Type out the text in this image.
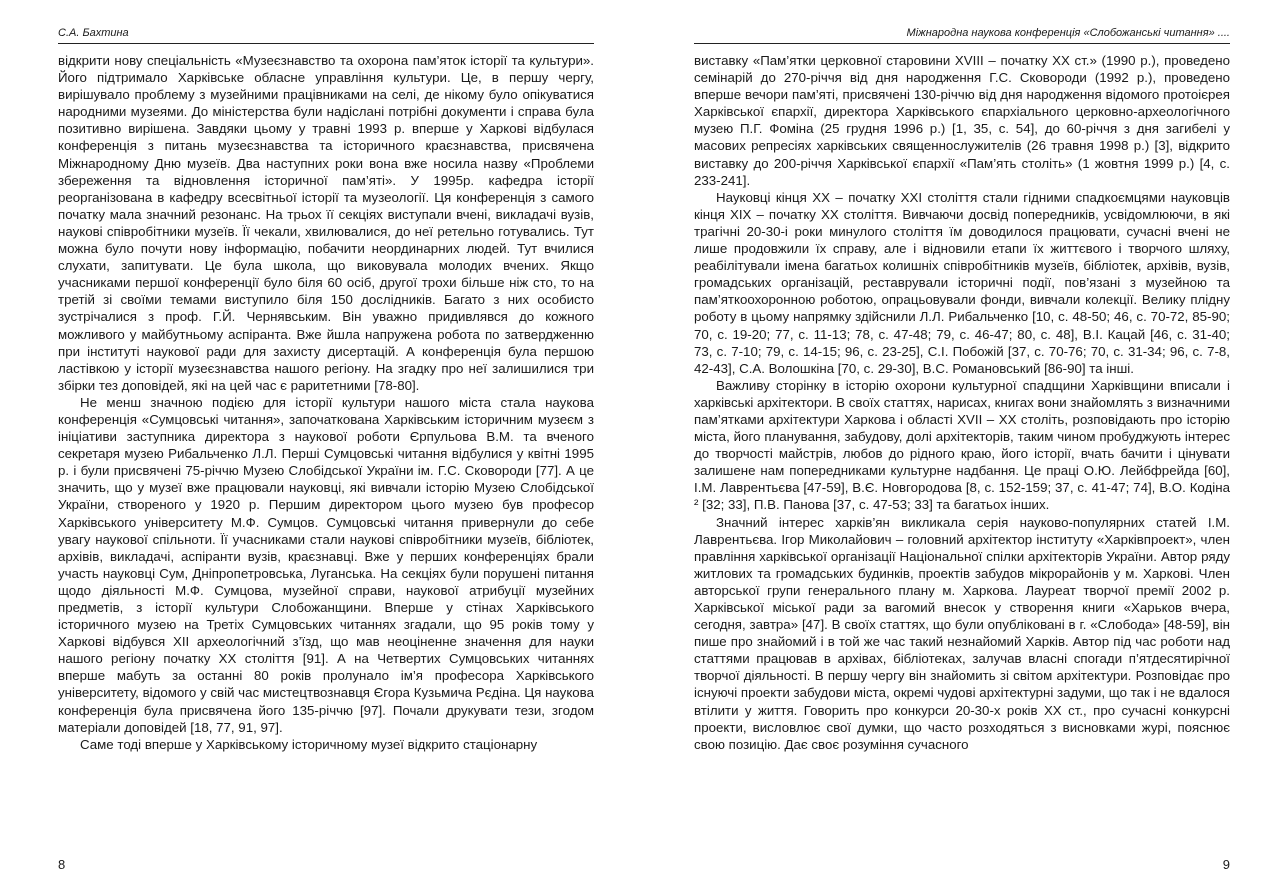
С.А. Бахтина

відкрити нову спеціальність «Музеєзнавство та охорона пам’яток історії та культури». Його підтримало Харківське обласне управління культури. Це, в першу чергу, вирішувало проблему з музейними працівниками на селі, де нікому було опікуватися народними музеями. До міністерства були надіслані потрібні документи і справа була позитивно вирішена. Завдяки цьому у травні 1993 р. вперше у Харкові відбулася конференція з питань музеєзнавства та історичного краєзнавства, присвячена Міжнародному Дню музеїв. Два наступних роки вона вже носила назву «Проблеми збереження та відновлення історичної пам’яті». У 1995р. кафедра історії реорганізована в кафедру всесвітньої історії та музеології. Ця конференція з самого початку мала значний резонанс. На трьох її секціях виступали вчені, викладачі вузів, наукові співробітники музеїв. Її чекали, хвилювалися, до неї ретельно готувались. Тут можна було почути нову інформацію, побачити неординарних людей. Тут вчилися слухати, запитувати. Це була школа, що виковувала молодих вчених. Якщо учасниками першої конференції було біля 60 осіб, другої трохи більше ніж сто, то на третій зі своїми темами виступило біля 150 дослідників. Багато з них особисто зустрічалися з проф. Г.Й. Чернявським. Він уважно придивлявся до кожного можливого у майбутньому аспіранта. Вже йшла напружена робота по затвердженню при інституті наукової ради для захисту дисертацій. А конференція була першою ластівкою у історії музеєзнавства нашого регіону. На згадку про неї залишилися три збірки тез доповідей, які на цей час є раритетними [78-80].

Не менш значною подією для історії культури нашого міста стала наукова конференція «Сумцовські читання», започаткована Харківським історичним музеєм з ініціативи заступника директора з наукової роботи Єрпульова В.М. та вченого секретаря музею Рибальченко Л.Л. Перші Сумцовські читання відбулися у квітні 1995 р. і були присвячені 75-річчю Музею Слобідської України ім. Г.С. Сковороди [77]. А це значить, що у музеї вже працювали науковці, які вивчали історію Музею Слобідської України, створеного у 1920 р. Першим директором цього музею був професор Харківського університету М.Ф. Сумцов. Сумцовські читання привернули до себе увагу наукової спільноти. Її учасниками стали наукові співробітники музеїв, бібліотек, архівів, викладачі, аспіранти вузів, краєзнавці. Вже у перших конференціях брали участь науковці Сум, Дніпропетровська, Луганська. На секціях були порушені питання щодо діяльності М.Ф. Сумцова, музейної справи, наукової атрибуції музейних предметів, з історії культури Слобожанщини. Вперше у стінах Харківського історичного музею на Третіх Сумцовських читаннях згадали, що 95 років тому у Харкові відбувся XII археологічний з’їзд, що мав неоціненне значення для науки нашого регіону початку XX століття [91]. А на Четвертих Сумцовських читаннях вперше мабуть за останні 80 років пролунало ім’я професора Харківського університету, відомого у свій час мистецтвознавця Єгора Кузьмича Рєдіна. Ця наукова конференція була присвячена його 135-річчю [97]. Почали друкувати тези, згодом матеріали доповідей [18, 77, 91, 97].

Саме тоді вперше у Харківському історичному музеї відкрито стаціонарну

8
Міжнародна наукова конференція «Слобожанські читання» ....

виставку «Пам’ятки церковної старовини XVIII – початку XX ст.» (1990 р.), проведено семінарій до 270-річчя від дня народження Г.С. Сковороди (1992 р.), проведено вперше вечори пам’яті, присвячені 130-річчю від дня народження відомого протоієрея Харківської єпархії, директора Харківського єпархіального церковно-археологічного музею П.Г. Фоміна (25 грудня 1996 р.) [1, 35, с. 54], до 60-річчя з дня загибелі у масових репресіях харківських священнослужителів (26 травня 1998 р.) [3], відкрито виставку до 200-річчя Харківської єпархії «Пам’ять століть» (1 жовтня 1999 р.) [4, с. 233-241].

Науковці кінця XX – початку XXI століття стали гідними спадкоємцями науковців кінця XIX – початку XX століття. Вивчаючи досвід попередників, усвідомлюючи, в які трагічні 20-30-і роки минулого століття їм доводилося працювати, сучасні вчені не лише продовжили їх справу, але і відновили етапи їх життєвого і творчого шляху, реабілітували імена багатьох колишніх співробітників музеїв, бібліотек, архівів, вузів, громадських організацій, реставрували історичні події, пов’язані з музейною та пам’яткоохоронною роботою, опрацьовували фонди, вивчали колекції. Велику плідну роботу в цьому напрямку здійснили Л.Л. Рибальченко [10, с. 48-50; 46, с. 70-72, 85-90; 70, с. 19-20; 77, с. 11-13; 78, с. 47-48; 79, с. 46-47; 80, с. 48], В.І. Кацай [46, с. 31-40; 73, с. 7-10; 79, с. 14-15; 96, с. 23-25], С.І. Побожій [37, с. 70-76; 70, с. 31-34; 96, с. 7-8, 42-43], С.А. Волошкіна [70, с. 29-30], В.С. Романовський [86-90] та інші.

Важливу сторінку в історію охорони культурної спадщини Харківщини вписали і харківські архітектори. В своїх статтях, нарисах, книгах вони знайомлять з визначними пам’ятками архітектури Харкова і області XVII – XX століть, розповідають про історію міста, його планування, забудову, долі архітекторів, таким чином пробуджують інтерес до творчості майстрів, любов до рідного краю, його історії, вчать бачити і цінувати залишене нам попередниками культурне надбання. Це праці О.Ю. Лейбфрейда [60], І.М. Лаврентьєва [47-59], В.Є. Новгородова [8, с. 152-159; 37, с. 41-47; 74], В.О. Кодіна ² [32; 33], П.В. Панова [37, с. 47-53; 33] та багатьох інших.

Значний інтерес харків’ян викликала серія науково-популярних статей І.М. Лаврентьєва. Ігор Миколайович – головний архітектор інституту «Харківпроект», член правління харківської організації Національної спілки архітекторів України. Автор ряду житлових та громадських будинків, проектів забудов мікрорайонів у м. Харкові. Член авторської групи генерального плану м. Харкова. Лауреат творчої премії 2002 р. Харківської міської ради за вагомий внесок у створення книги «Харьков вчера, сегодня, завтра» [47]. В своїх статтях, що були опубліковані в г. «Слобода» [48-59], він пише про знайомий і в той же час такий незнайомий Харків. Автор під час роботи над статтями працював в архівах, бібліотеках, залучав власні спогади п’ятдесятирічної творчої діяльності. В першу чергу він знайомить зі світом архітектури. Розповідає про існуючі проекти забудови міста, окремі чудові архітектурні задуми, що так і не вдалося втілити у життя. Говорить про конкурси 20-30-х років XX ст., про сучасні конкурсні проекти, висловлює свої думки, що часто розходяться з висновками журі, пояснює свою позицію. Дає своє розуміння сучасного

9
